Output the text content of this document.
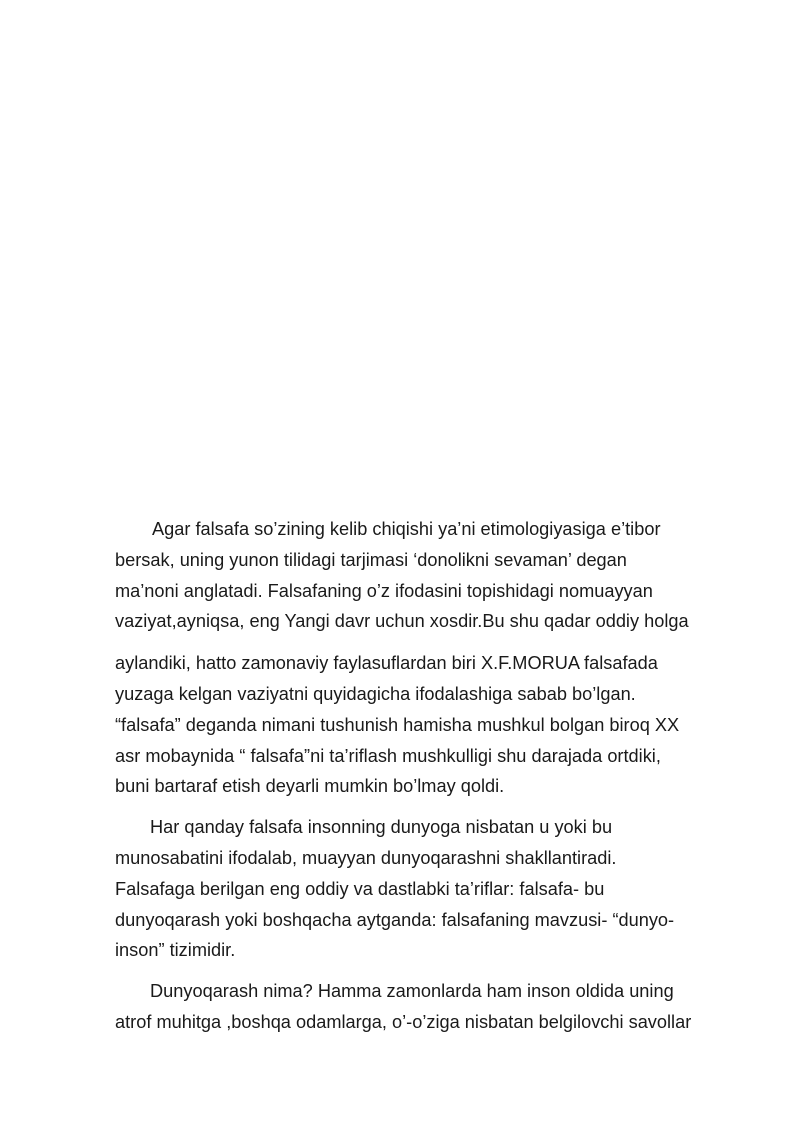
Agar falsafa so’zining kelib chiqishi ya’ni etimologiyasiga e’tibor
bersak, uning yunon tilidagi tarjimasi ‘donolikni sevaman’ degan
ma’noni anglatadi. Falsafaning o’z ifodasini topishidagi nomuayyan
vaziyat,ayniqsa, eng Yangi davr uchun xosdir.Bu shu qadar oddiy holga
aylandiki, hatto zamonaviy faylasuflardan biri X.F.MORUA falsafada
yuzaga kelgan vaziyatni quyidagicha ifodalashiga sabab bo’lgan.
“falsafa” deganda nimani tushunish hamisha mushkul bolgan biroq XX
asr mobaynida “ falsafa”ni ta’riflash mushkulligi shu darajada ortdiki,
buni bartaraf etish deyarli mumkin bo’lmay qoldi.
Har qanday falsafa insonning dunyoga nisbatan u yoki bu
munosabatini ifodalab, muayyan dunyoqarashni shakllantiradi.
Falsafaga berilgan eng oddiy va dastlabki ta’riflar: falsafa- bu
dunyoqarash yoki boshqacha aytganda: falsafaning mavzusi- “dunyo-
inson” tizimidir.
Dunyoqarash nima? Hamma zamonlarda ham inson oldida uning
atrof muhitga ,boshqa odamlarga, o’-o’ziga nisbatan belgilovchi savollar
